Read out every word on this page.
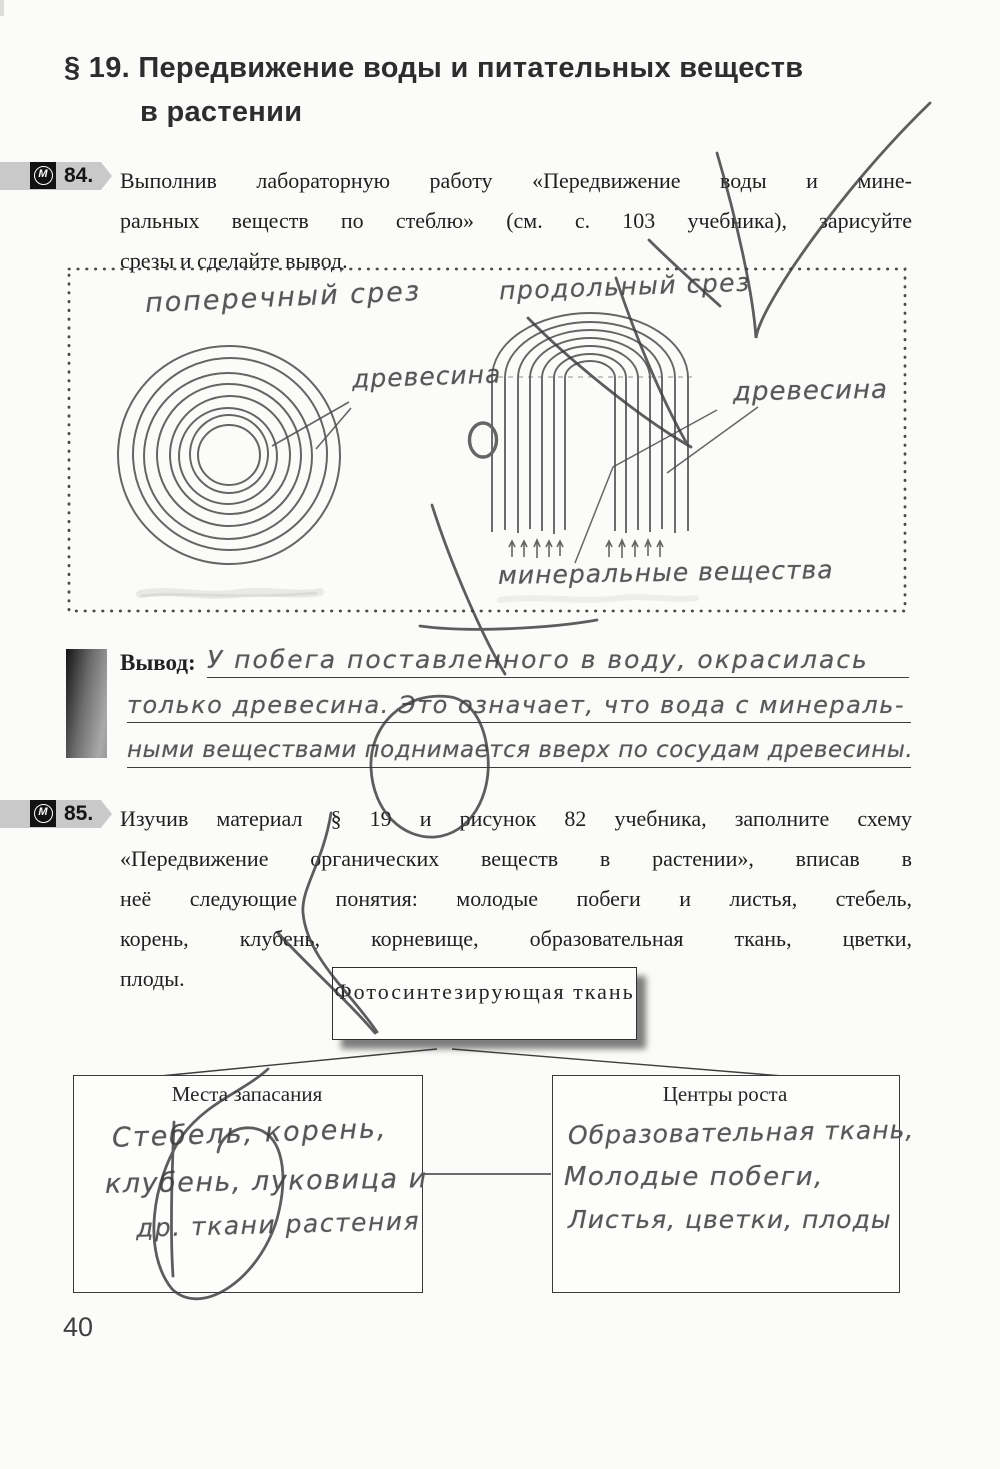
§ 19. Передвижение воды и питательных веществ
в растении
М 84. Выполнив лабораторную работу «Передвижение воды и мине-
ральных веществ по стеблю» (см. с. 103 учебника), зарисуйте
срезы и сделайте вывод.
поперечный срез
древесина
продольный срез
древесина
минеральные вещества
Вывод: У побега поставленного в воду, окрасилась
только древесина. Это означает, что вода с минераль-
ными веществами поднимается вверх по сосудам древесины.
М 85. Изучив материал § 19 и рисунок 82 учебника, заполните схему
«Передвижение органических веществ в растении», вписав в
неё следующие понятия: молодые побеги и листья, стебель,
корень, клубень, корневище, образовательная ткань, цветки,
плоды.
Фотосинтезирующая ткань
Места запасания
Стебель, корень,
клубень, луковица и
др. ткани растения
Центры роста
Образовательная ткань,
Молодые побеги,
Листья, цветки, плоды
40
